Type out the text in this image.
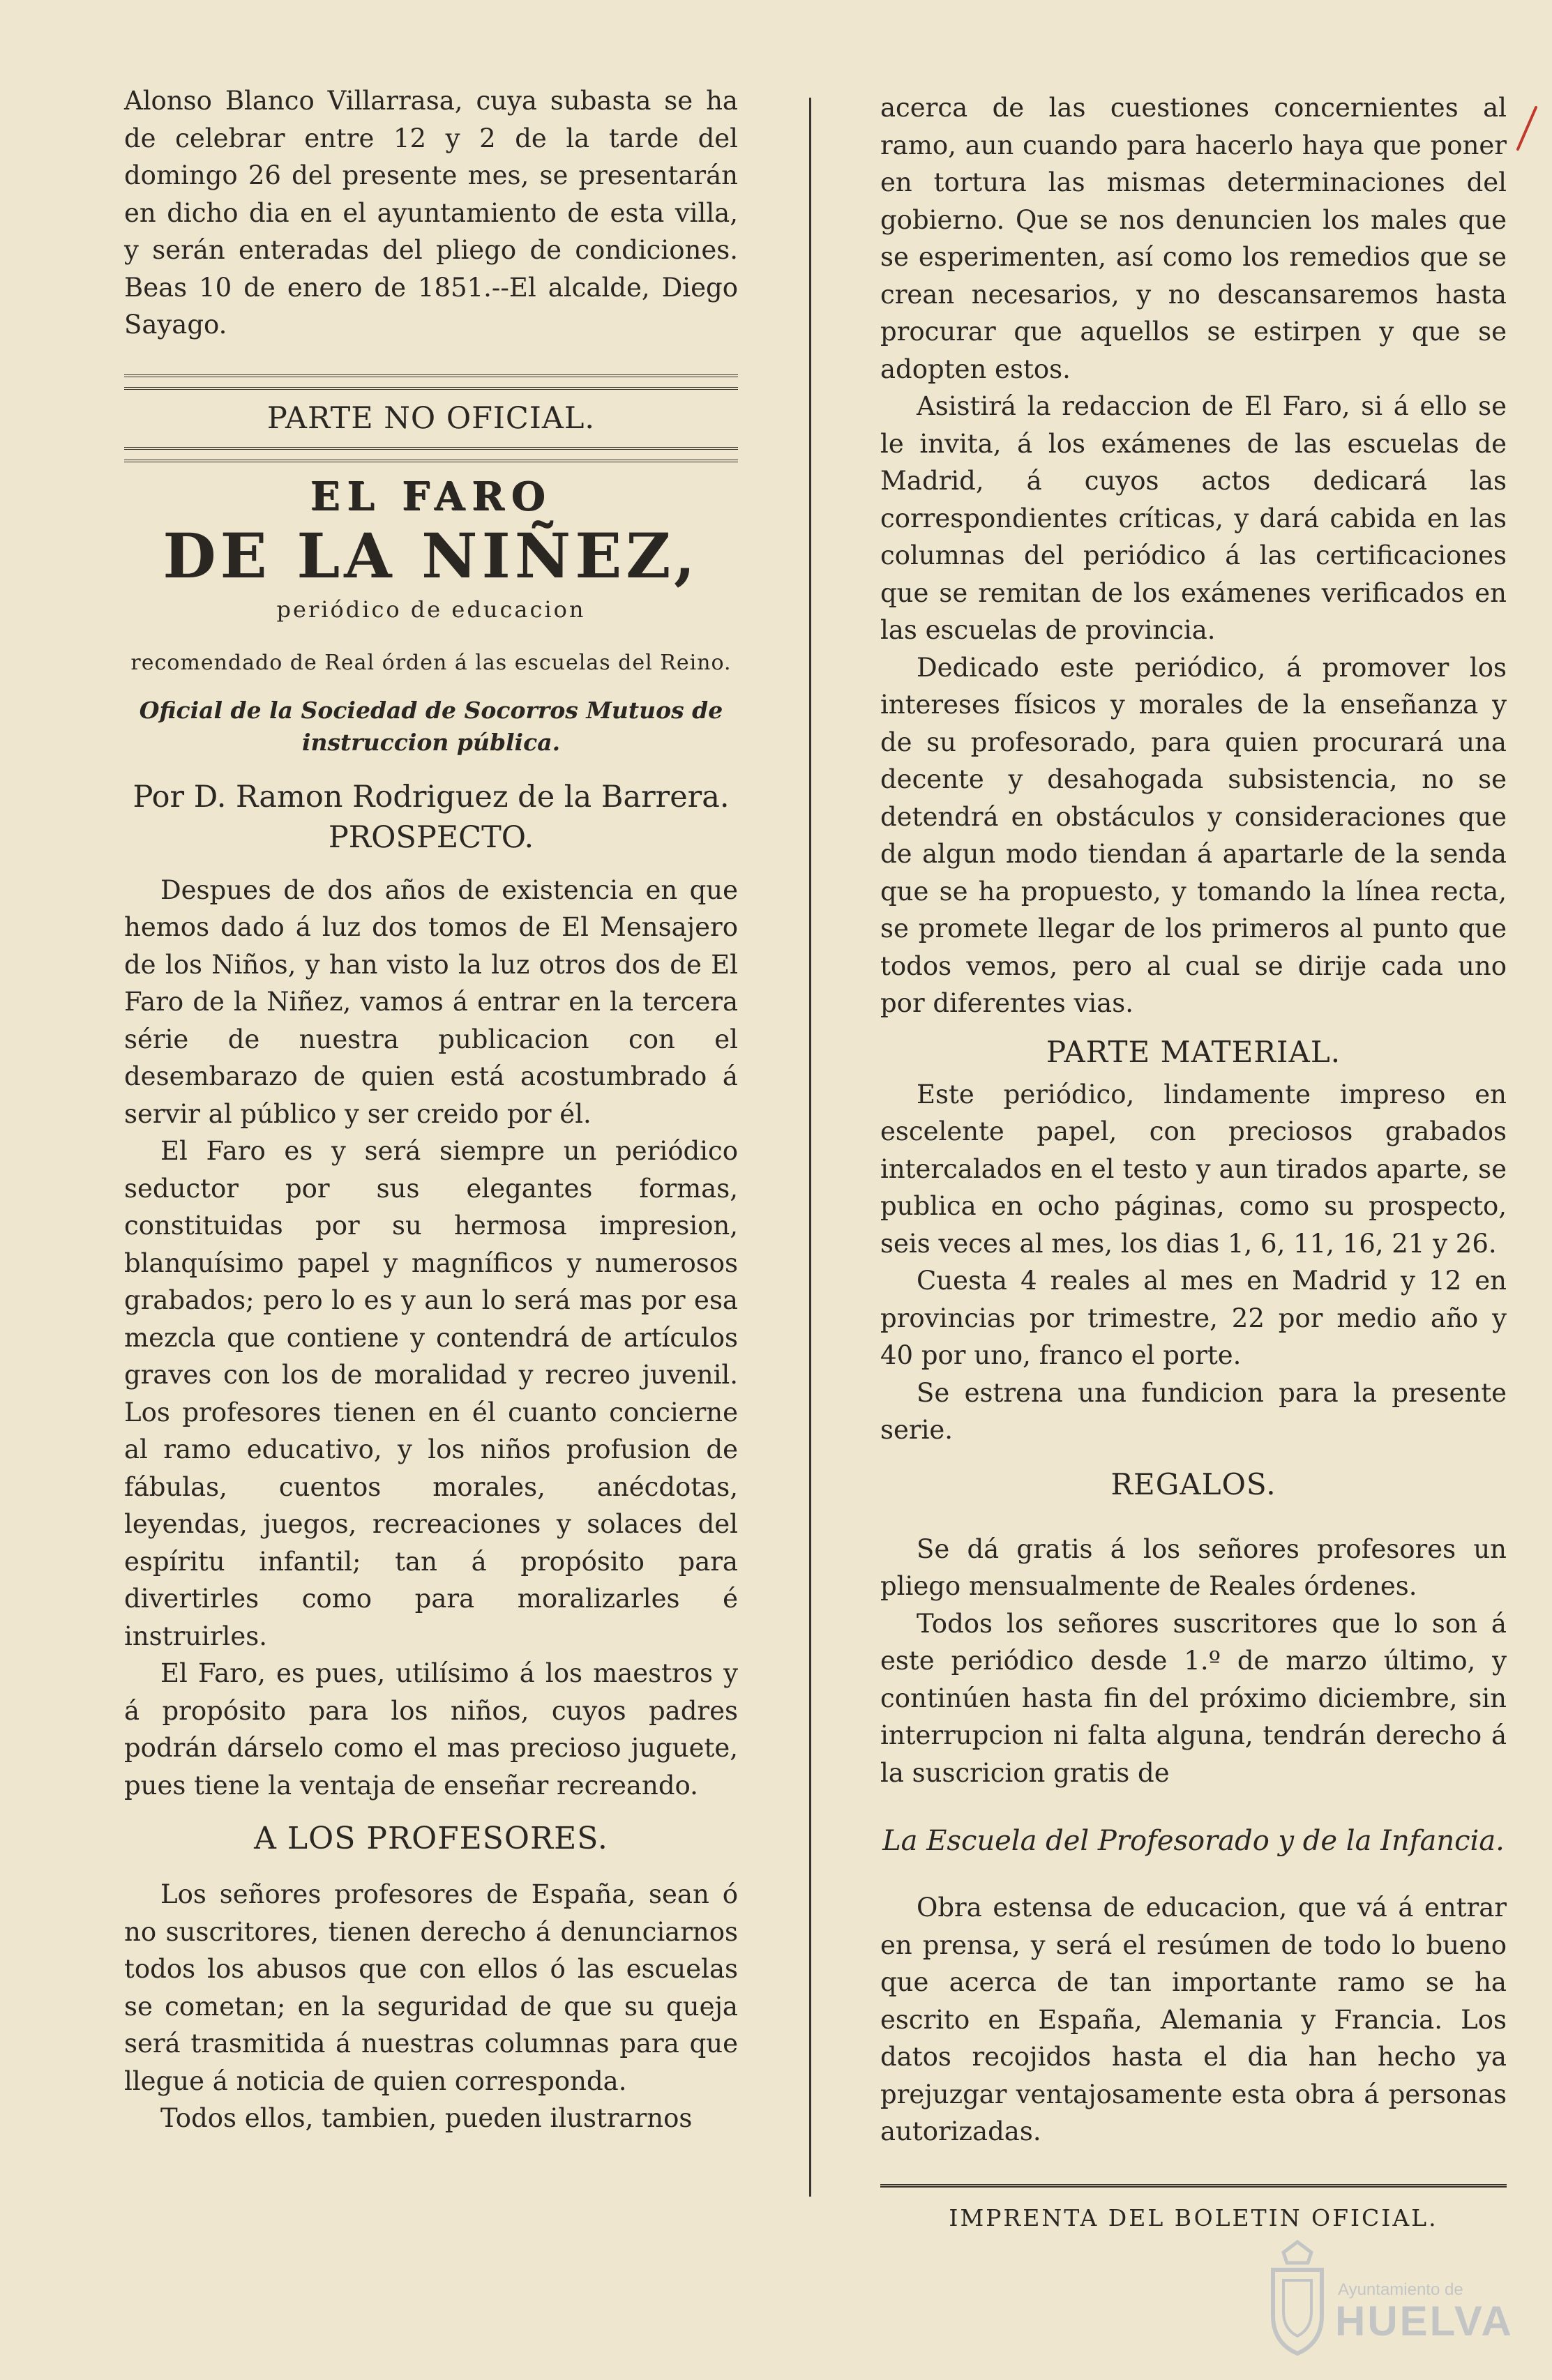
Alonso Blanco Villarrasa, cuya subasta se ha de celebrar entre 12 y 2 de la tarde del domingo 26 del presente mes, se presentarán en dicho dia en el ayuntamiento de esta villa, y serán enteradas del pliego de condiciones. Beas 10 de enero de 1851.--El alcalde, Diego Sayago.

PARTE NO OFICIAL.
EL FARO
DE LA NIÑEZ,
periódico de educacion
recomendado de Real órden á las escuelas del Reino.
Oficial de la Sociedad de Socorros Mutuos de instruccion pública.
Por D. Ramon Rodriguez de la Barrera.
PROSPECTO.

Despues de dos años de existencia en que hemos dado á luz dos tomos de El Mensajero de los Niños, y han visto la luz otros dos de El Faro de la Niñez, vamos á entrar en la tercera série de nuestra publicacion con el desembarazo de quien está acostumbrado á servir al público y ser creido por él.

El Faro es y será siempre un periódico seductor por sus elegantes formas, constituidas por su hermosa impresion, blanquísimo papel y magníficos y numerosos grabados; pero lo es y aun lo será mas por esa mezcla que contiene y contendrá de artículos graves con los de moralidad y recreo juvenil. Los profesores tienen en él cuanto concierne al ramo educativo, y los niños profusion de fábulas, cuentos morales, anécdotas, leyendas, juegos, recreaciones y solaces del espíritu infantil; tan á propósito para divertirles como para moralizarles é instruirles.

El Faro, es pues, utilísimo á los maestros y á propósito para los niños, cuyos padres podrán dárselo como el mas precioso juguete, pues tiene la ventaja de enseñar recreando.

A LOS PROFESORES.

Los señores profesores de España, sean ó no suscritores, tienen derecho á denunciarnos todos los abusos que con ellos ó las escuelas se cometan; en la seguridad de que su queja será trasmitida á nuestras columnas para que llegue á noticia de quien corresponda.

Todos ellos, tambien, pueden ilustrarnos

acerca de las cuestiones concernientes al ramo, aun cuando para hacerlo haya que poner en tortura las mismas determinaciones del gobierno. Que se nos denuncien los males que se esperimenten, así como los remedios que se crean necesarios, y no descansaremos hasta procurar que aquellos se estirpen y que se adopten estos.

Asistirá la redaccion de El Faro, si á ello se le invita, á los exámenes de las escuelas de Madrid, á cuyos actos dedicará las correspondientes críticas, y dará cabida en las columnas del periódico á las certificaciones que se remitan de los exámenes verificados en las escuelas de provincia.

Dedicado este periódico, á promover los intereses físicos y morales de la enseñanza y de su profesorado, para quien procurará una decente y desahogada subsistencia, no se detendrá en obstáculos y consideraciones que de algun modo tiendan á apartarle de la senda que se ha propuesto, y tomando la línea recta, se promete llegar de los primeros al punto que todos vemos, pero al cual se dirije cada uno por diferentes vias.

PARTE MATERIAL.

Este periódico, lindamente impreso en escelente papel, con preciosos grabados intercalados en el testo y aun tirados aparte, se publica en ocho páginas, como su prospecto, seis veces al mes, los dias 1, 6, 11, 16, 21 y 26.

Cuesta 4 reales al mes en Madrid y 12 en provincias por trimestre, 22 por medio año y 40 por uno, franco el porte.

Se estrena una fundicion para la presente serie.

REGALOS.

Se dá gratis á los señores profesores un pliego mensualmente de Reales órdenes.

Todos los señores suscritores que lo son á este periódico desde 1.º de marzo último, y continúen hasta fin del próximo diciembre, sin interrupcion ni falta alguna, tendrán derecho á la suscricion gratis de

La Escuela del Profesorado y de la Infancia.

Obra estensa de educacion, que vá á entrar en prensa, y será el resúmen de todo lo bueno que acerca de tan importante ramo se ha escrito en España, Alemania y Francia. Los datos recojidos hasta el dia han hecho ya prejuzgar ventajosamente esta obra á personas autorizadas.

IMPRENTA DEL BOLETIN OFICIAL.
Ayuntamiento de
HUELVA
